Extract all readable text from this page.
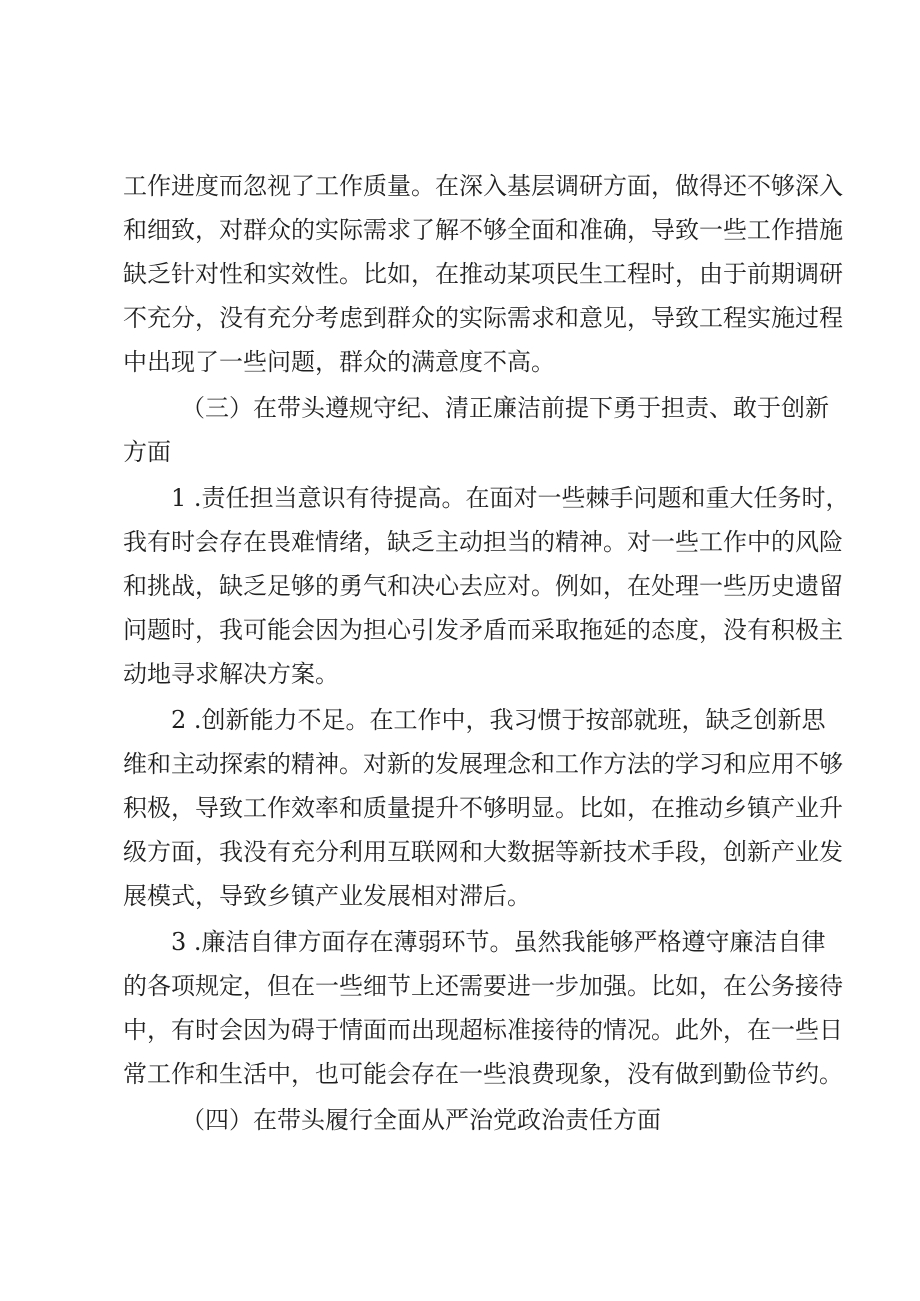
工作进度而忽视了工作质量。在深入基层调研方面，做得还不够深入

和细致，对群众的实际需求了解不够全面和准确，导致一些工作措施

缺乏针对性和实效性。比如，在推动某项民生工程时，由于前期调研

不充分，没有充分考虑到群众的实际需求和意见，导致工程实施过程

中出现了一些问题，群众的满意度不高。

（三）在带头遵规守纪、清正廉洁前提下勇于担责、敢于创新

方面

1 .责任担当意识有待提高。在面对一些棘手问题和重大任务时，

我有时会存在畏难情绪，缺乏主动担当的精神。对一些工作中的风险

和挑战，缺乏足够的勇气和决心去应对。例如，在处理一些历史遗留

问题时，我可能会因为担心引发矛盾而采取拖延的态度，没有积极主

动地寻求解决方案。

2 .创新能力不足。在工作中，我习惯于按部就班，缺乏创新思

维和主动探索的精神。对新的发展理念和工作方法的学习和应用不够

积极，导致工作效率和质量提升不够明显。比如，在推动乡镇产业升

级方面，我没有充分利用互联网和大数据等新技术手段，创新产业发

展模式，导致乡镇产业发展相对滞后。

3 .廉洁自律方面存在薄弱环节。虽然我能够严格遵守廉洁自律

的各项规定，但在一些细节上还需要进一步加强。比如，在公务接待

中，有时会因为碍于情面而出现超标准接待的情况。此外，在一些日

常工作和生活中，也可能会存在一些浪费现象，没有做到勤俭节约。

（四）在带头履行全面从严治党政治责任方面
